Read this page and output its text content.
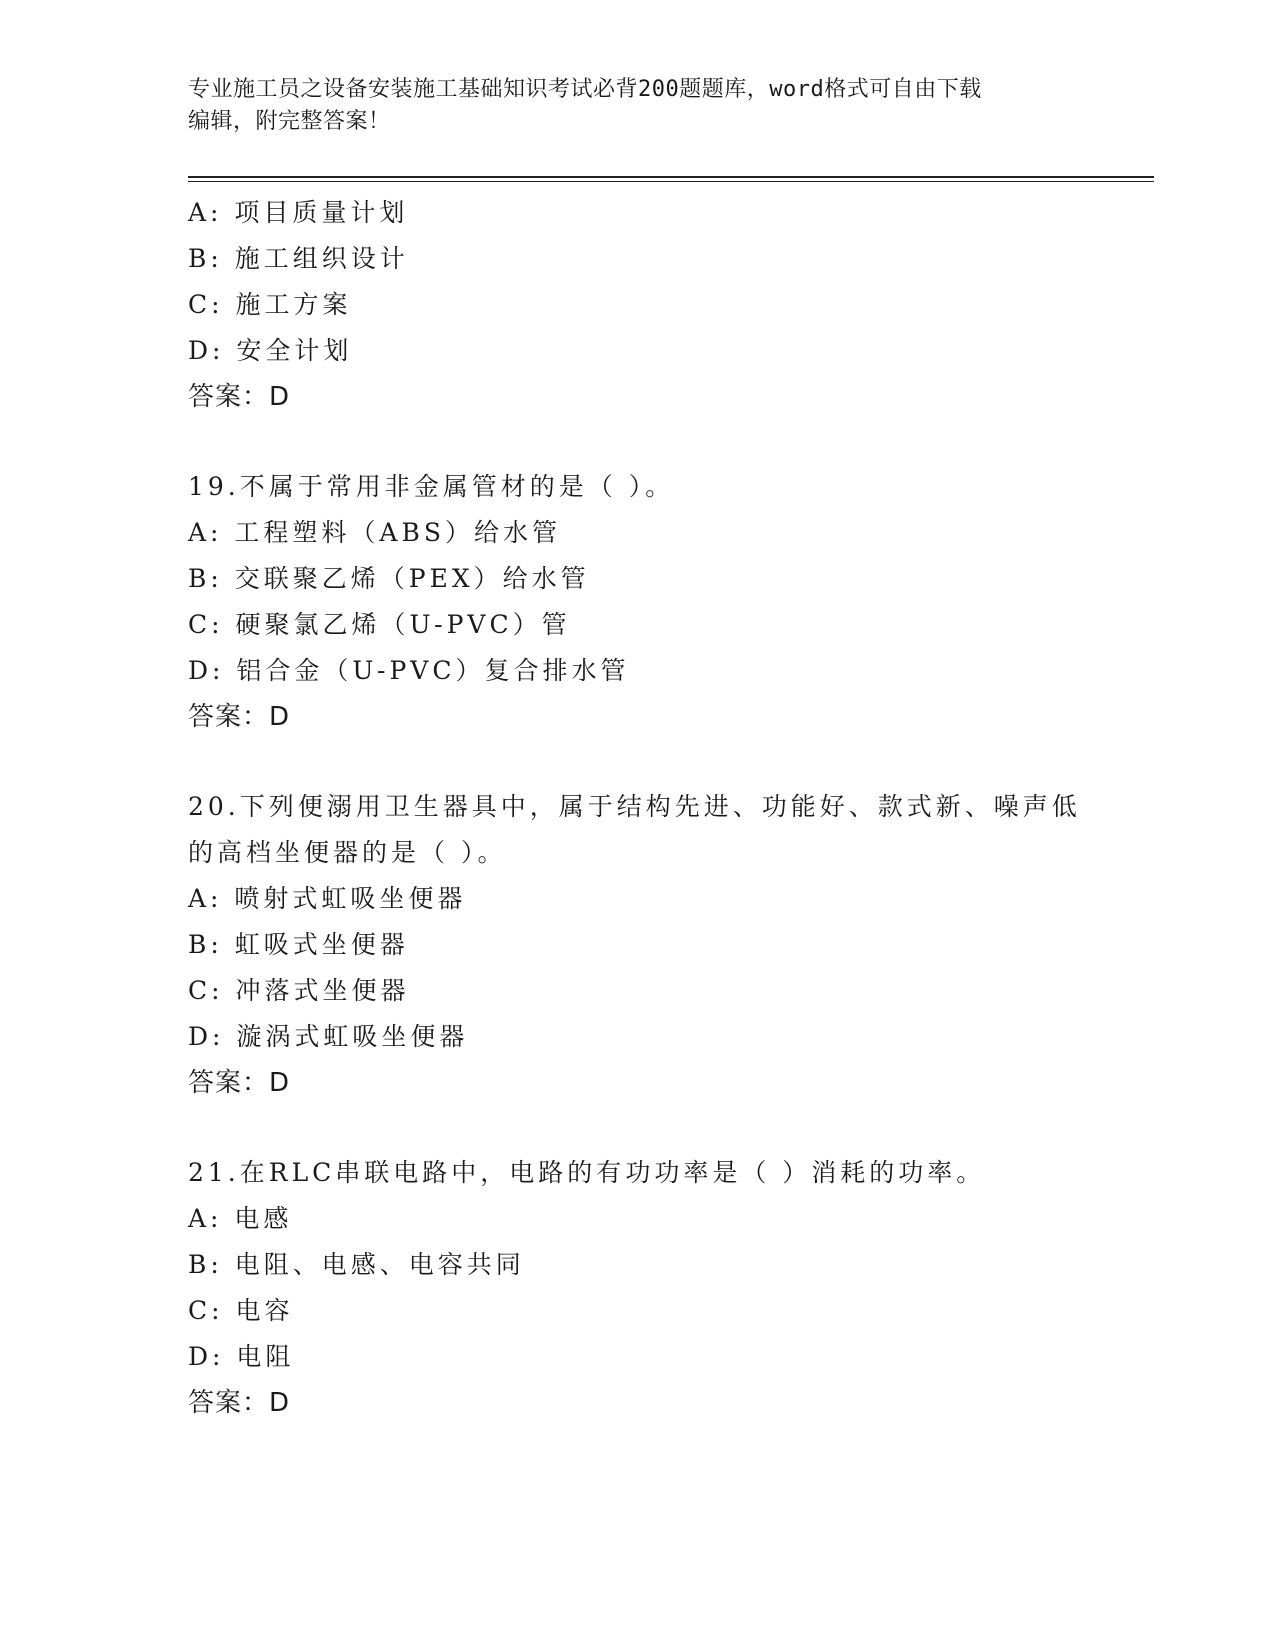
专业施工员之设备安装施工基础知识考试必背200题题库，word格式可自由下载
编辑，附完整答案！
A: 项目质量计划
B: 施工组织设计
C: 施工方案
D: 安全计划
答案：D
19.不属于常用非金属管材的是（ ）。
A: 工程塑料（ABS）给水管
B: 交联聚乙烯（PEX）给水管
C: 硬聚氯乙烯（U-PVC）管
D: 铝合金（U-PVC）复合排水管
答案：D
20.下列便溺用卫生器具中，属于结构先进、功能好、款式新、噪声低
的高档坐便器的是（ ）。
A: 喷射式虹吸坐便器
B: 虹吸式坐便器
C: 冲落式坐便器
D: 漩涡式虹吸坐便器
答案：D
21.在RLC串联电路中，电路的有功功率是（ ）消耗的功率。
A: 电感
B: 电阻、电感、电容共同
C: 电容
D: 电阻
答案：D
